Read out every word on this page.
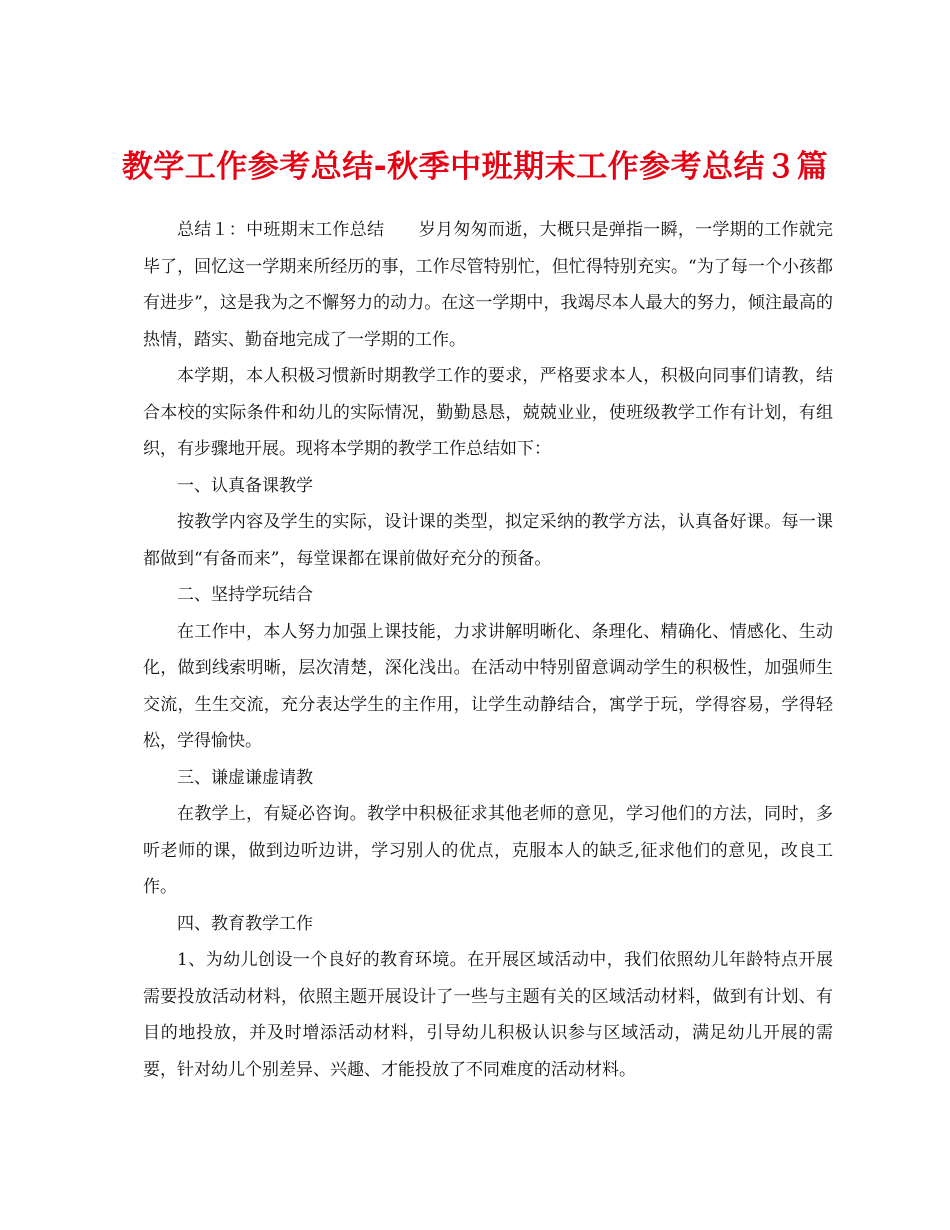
教学工作参考总结-秋季中班期末工作参考总结３篇

总结１：中班期末工作总结　　岁月匆匆而逝，大概只是弹指一瞬，一学期的工作就完毕了，回忆这一学期来所经历的事，工作尽管特别忙，但忙得特别充实。“为了每一个小孩都有进步”，这是我为之不懈努力的动力。在这一学期中，我竭尽本人最大的努力，倾注最高的热情，踏实、勤奋地完成了一学期的工作。

本学期，本人积极习惯新时期教学工作的要求，严格要求本人，积极向同事们请教，结合本校的实际条件和幼儿的实际情况，勤勤恳恳，兢兢业业，使班级教学工作有计划，有组织，有步骤地开展。现将本学期的教学工作总结如下：

一、认真备课教学

按教学内容及学生的实际，设计课的类型，拟定采纳的教学方法，认真备好课。每一课都做到“有备而来”，每堂课都在课前做好充分的预备。

二、坚持学玩结合

在工作中，本人努力加强上课技能，力求讲解明晰化、条理化、精确化、情感化、生动化，做到线索明晰，层次清楚，深化浅出。在活动中特别留意调动学生的积极性，加强师生交流，生生交流，充分表达学生的主作用，让学生动静结合，寓学于玩，学得容易，学得轻松，学得愉快。

三、谦虚谦虚请教

在教学上，有疑必咨询。教学中积极征求其他老师的意见，学习他们的方法，同时，多听老师的课，做到边听边讲，学习别人的优点，克服本人的缺乏,征求他们的意见，改良工作。

四、教育教学工作

1、为幼儿创设一个良好的教育环境。在开展区域活动中，我们依照幼儿年龄特点开展需要投放活动材料，依照主题开展设计了一些与主题有关的区域活动材料，做到有计划、有目的地投放，并及时增添活动材料，引导幼儿积极认识参与区域活动，满足幼儿开展的需要，针对幼儿个别差异、兴趣、才能投放了不同难度的活动材料。
